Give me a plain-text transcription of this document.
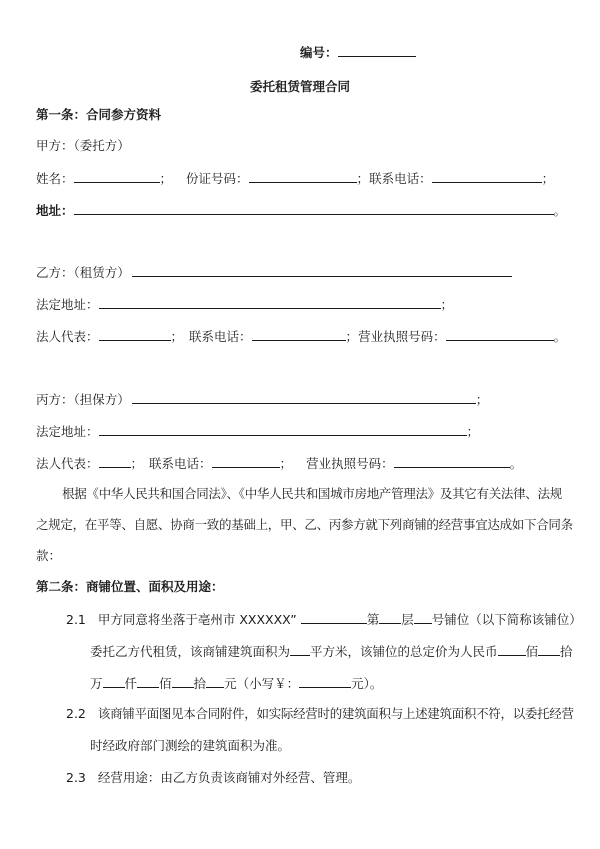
编号：
委托租赁管理合同
第一条：合同参方资料
甲方：（委托方）
姓名：	； 份证号码：	；联系电话：	；
地址：	。
乙方：（租赁方）
法定地址：	；
法人代表：	； 联系电话：	；营业执照号码：	。
丙方：（担保方）	；
法定地址：	；
法人代表：	； 联系电话：	； 营业执照号码：	。
根据《中华人民共和国合同法》、《中华人民共和国城市房地产管理法》及其它有关法律、法规
之规定，在平等、自愿、协商一致的基础上，甲、乙、丙参方就下列商铺的经营事宜达成如下合同条
款：
第二条：商铺位置、面积及用途：
2.1 甲方同意将坐落于亳州市 XXXXXX”	第 层 号铺位（以下简称该铺位）
委托乙方代租赁，该商铺建筑面积为 平方米，该铺位的总定价为人民币 佰 拾
万 仟 佰 拾 元（小写￥：	元）。
2.2 该商铺平面图见本合同附件，如实际经营时的建筑面积与上述建筑面积不符，以委托经营
时经政府部门测绘的建筑面积为准。
2.3 经营用途：由乙方负责该商铺对外经营、管理。
